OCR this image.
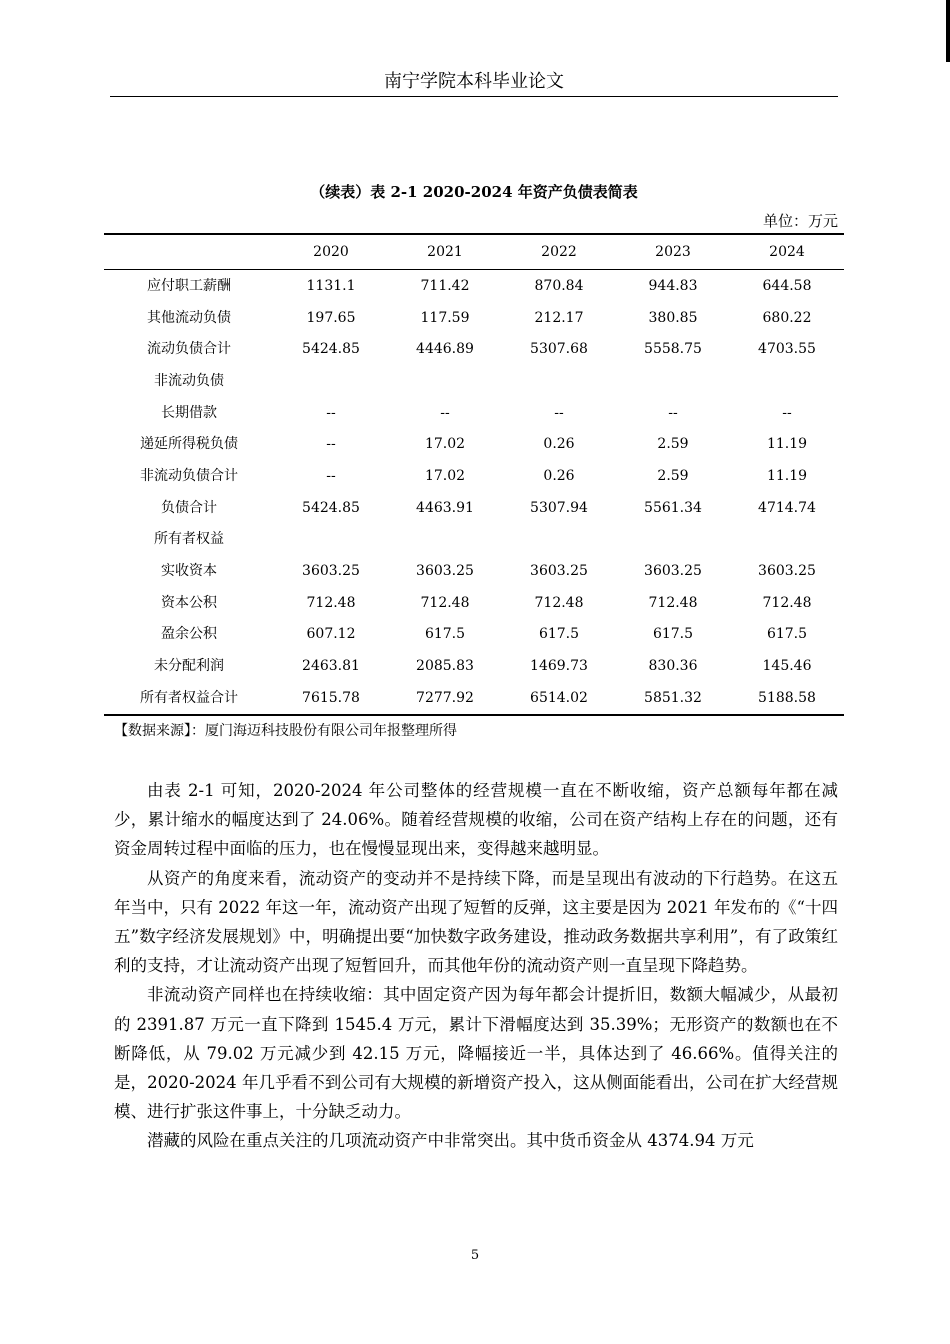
南宁学院本科毕业论文
（续表）表 2-1 2020-2024 年资产负债表简表
单位：万元
	2020	2021	2022	2023	2024
应付职工薪酬	1131.1	711.42	870.84	944.83	644.58
其他流动负债	197.65	117.59	212.17	380.85	680.22
流动负债合计	5424.85	4446.89	5307.68	5558.75	4703.55
非流动负债					
长期借款	--	--	--	--	--
递延所得税负债	--	17.02	0.26	2.59	11.19
非流动负债合计	--	17.02	0.26	2.59	11.19
负债合计	5424.85	4463.91	5307.94	5561.34	4714.74
所有者权益					
实收资本	3603.25	3603.25	3603.25	3603.25	3603.25
资本公积	712.48	712.48	712.48	712.48	712.48
盈余公积	607.12	617.5	617.5	617.5	617.5
未分配利润	2463.81	2085.83	1469.73	830.36	145.46
所有者权益合计	7615.78	7277.92	6514.02	5851.32	5188.58
【数据来源】：厦门海迈科技股份有限公司年报整理所得

由表 2-1 可知，2020-2024 年公司整体的经营规模一直在不断收缩，资产总额每年都在减少，累计缩水的幅度达到了 24.06%。随着经营规模的收缩，公司在资产结构上存在的问题，还有资金周转过程中面临的压力，也在慢慢显现出来，变得越来越明显。

从资产的角度来看，流动资产的变动并不是持续下降，而是呈现出有波动的下行趋势。在这五年当中，只有 2022 年这一年，流动资产出现了短暂的反弹，这主要是因为 2021 年发布的《“十四五”数字经济发展规划》中，明确提出要“加快数字政务建设，推动政务数据共享利用”，有了政策红利的支持，才让流动资产出现了短暂回升，而其他年份的流动资产则一直呈现下降趋势。

非流动资产同样也在持续收缩：其中固定资产因为每年都会计提折旧，数额大幅减少，从最初的 2391.87 万元一直下降到 1545.4 万元，累计下滑幅度达到 35.39%；无形资产的数额也在不断降低，从 79.02 万元减少到 42.15 万元，降幅接近一半，具体达到了 46.66%。值得关注的是，2020-2024 年几乎看不到公司有大规模的新增资产投入，这从侧面能看出，公司在扩大经营规模、进行扩张这件事上，十分缺乏动力。

潜藏的风险在重点关注的几项流动资产中非常突出。其中货币资金从 4374.94 万元

5
